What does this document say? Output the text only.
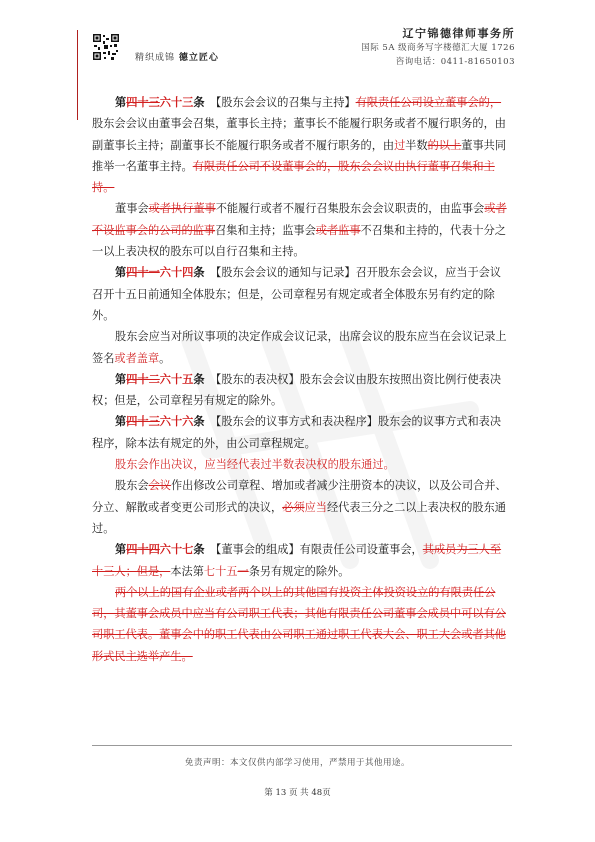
精织成锦 德立匠心
辽宁锦德律师事务所
国际 5A 级商务写字楼德汇大厦 1726
咨询电话：0411-81650103

第四十三六十三条　 【股东会会议的召集与主持】有限责任公司设立董事会的，股东会会议由董事会召集，董事长主持；董事长不能履行职务或者不履行职务的，由副董事长主持；副董事长不能履行职务或者不履行职务的，由过半数的以上董事共同推举一名董事主持。有限责任公司不设董事会的，股东会会议由执行董事召集和主持。

董事会或者执行董事不能履行或者不履行召集股东会会议职责的，由监事会或者不设监事会的公司的监事召集和主持；监事会或者监事不召集和主持的，代表十分之一以上表决权的股东可以自行召集和主持。

第四十一六十四条　 【股东会会议的通知与记录】召开股东会会议，应当于会议召开十五日前通知全体股东；但是，公司章程另有规定或者全体股东另有约定的除外。

股东会应当对所议事项的决定作成会议记录，出席会议的股东应当在会议记录上签名或者盖章。

第四十二六十五条　 【股东的表决权】股东会会议由股东按照出资比例行使表决权；但是，公司章程另有规定的除外。

第四十三六十六条　 【股东会的议事方式和表决程序】股东会的议事方式和表决程序，除本法有规定的外，由公司章程规定。

股东会作出决议，应当经代表过半数表决权的股东通过。

股东会会议作出修改公司章程、增加或者减少注册资本的决议，以及公司合并、分立、解散或者变更公司形式的决议，必须应当经代表三分之二以上表决权的股东通过。

第四十四六十七条　 【董事会的组成】有限责任公司设董事会，其成员为三人至十三人；但是，本法第七十五一条另有规定的除外。

两个以上的国有企业或者两个以上的其他国有投资主体投资设立的有限责任公司，其董事会成员中应当有公司职工代表；其他有限责任公司董事会成员中可以有公司职工代表。董事会中的职工代表由公司职工通过职工代表大会、职工大会或者其他形式民主选举产生。

免责声明：本文仅供内部学习使用，严禁用于其他用途。
第 13 页 共 48页
